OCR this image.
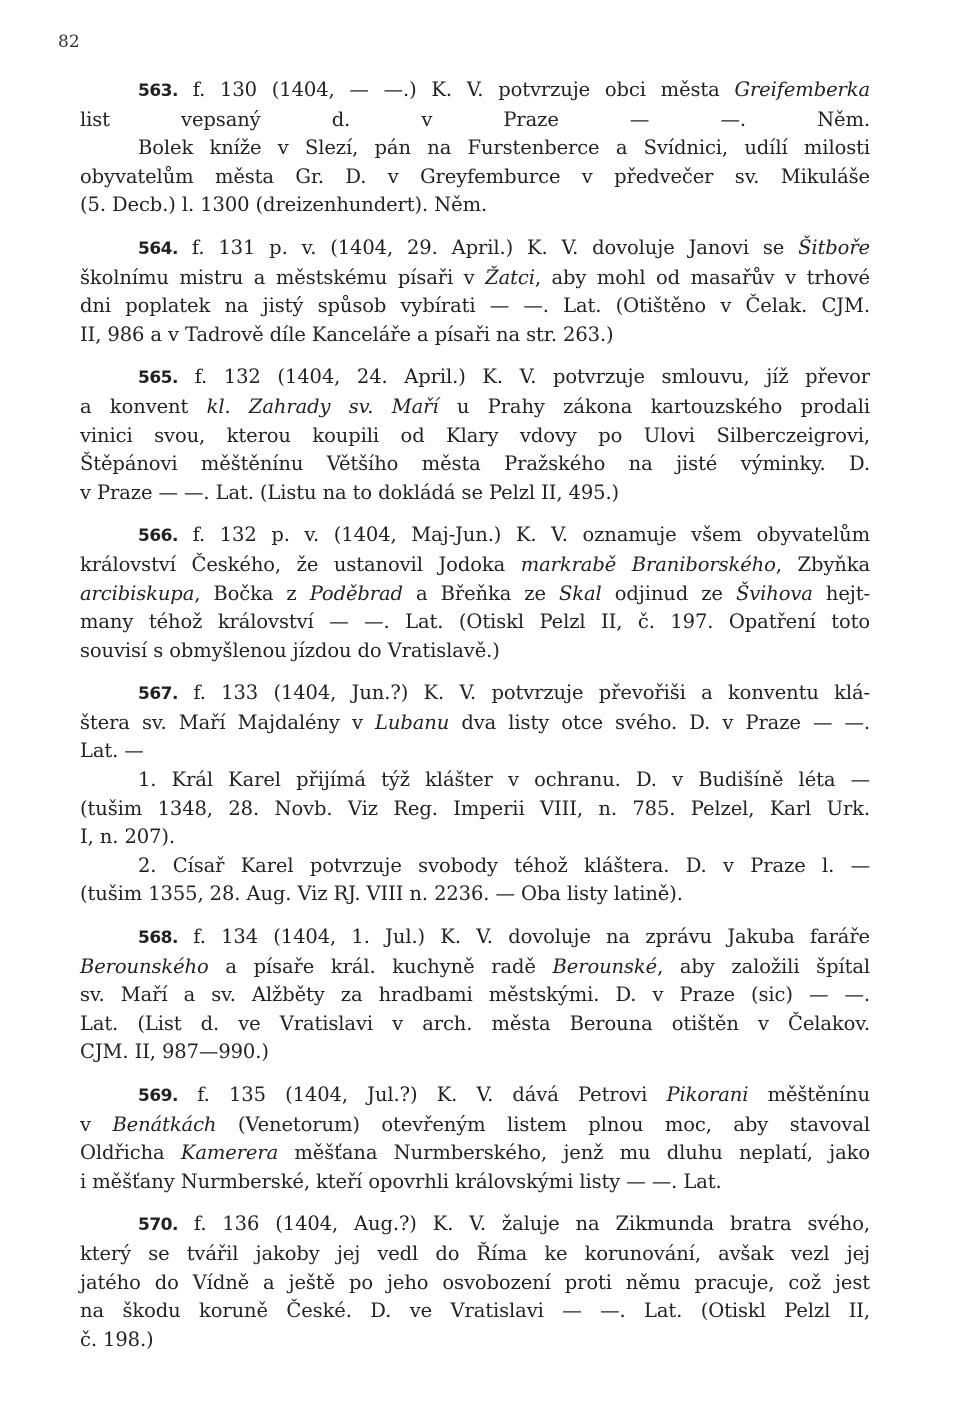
82
563. f. 130 (1404, — —.) K. V. potvrzuje obci města Greifemberka
list vepsaný d. v Praze — —. Něm.
Bolek kníže v Slezí, pán na Furstenberce a Svídnici, udílí milosti
obyvatelům města Gr. D. v Greyfemburce v předvečer sv. Mikuláše
(5. Decb.) l. 1300 (dreizenhundert). Něm.
564. f. 131 p. v. (1404, 29. April.) K. V. dovoluje Janovi se Šitboře
školnímu mistru a městskému písaři v Žatci, aby mohl od masařův v trhové
dni poplatek na jistý spůsob vybírati — —. Lat. (Otištěno v Čelak. CJM.
II, 986 a v Tadrově díle Kanceláře a písaři na str. 263.)
565. f. 132 (1404, 24. April.) K. V. potvrzuje smlouvu, jíž převor
a konvent kl. Zahrady sv. Maří u Prahy zákona kartouzského prodali
vinici svou, kterou koupili od Klary vdovy po Ulovi Silberczeigrovi,
Štěpánovi měštěnínu Většího města Pražského na jisté výminky. D.
v Praze — —. Lat. (Listu na to dokládá se Pelzl II, 495.)
566. f. 132 p. v. (1404, Maj-Jun.) K. V. oznamuje všem obyvatelům
království Českého, že ustanovil Jodoka markrabě Braniborského, Zbyňka
arcibiskupa, Bočka z Poděbrad a Břeňka ze Skal odjinud ze Švihova hejt-
many téhož království — —. Lat. (Otiskl Pelzl II, č. 197. Opatření toto
souvisí s obmyšlenou jízdou do Vratislavě.)
567. f. 133 (1404, Jun.?) K. V. potvrzuje převořiši a konventu klá-
štera sv. Maří Majdalény v Lubanu dva listy otce svého. D. v Praze — —.
Lat. —
1. Král Karel přijímá týž klášter v ochranu. D. v Budišíně léta —
(tušim 1348, 28. Novb. Viz Reg. Imperii VIII, n. 785. Pelzel, Karl Urk.
I, n. 207).
2. Císař Karel potvrzuje svobody téhož kláštera. D. v Praze l. —
(tušim 1355, 28. Aug. Viz RJ. VIII n. 2236. — Oba listy latině).
568. f. 134 (1404, 1. Jul.) K. V. dovoluje na zprávu Jakuba faráře
Berounského a písaře král. kuchyně radě Berounské, aby založili špítal
sv. Maří a sv. Alžběty za hradbami městskými. D. v Praze (sic) — —.
Lat. (List d. ve Vratislavi v arch. města Berouna otištěn v Čelakov.
CJM. II, 987—990.)
569. f. 135 (1404, Jul.?) K. V. dává Petrovi Pikorani měštěnínu
v Benátkách (Venetorum) otevřeným listem plnou moc, aby stavoval
Oldřicha Kamerera měšťana Nurmberského, jenž mu dluhu neplatí, jako
i měšťany Nurmberské, kteří opovrhli královskými listy — —. Lat.
570. f. 136 (1404, Aug.?) K. V. žaluje na Zikmunda bratra svého,
který se tvářil jakoby jej vedl do Říma ke korunování, avšak vezl jej
jatého do Vídně a ještě po jeho osvobození proti němu pracuje, což jest
na škodu koruně České. D. ve Vratislavi — —. Lat. (Otiskl Pelzl II,
č. 198.)
